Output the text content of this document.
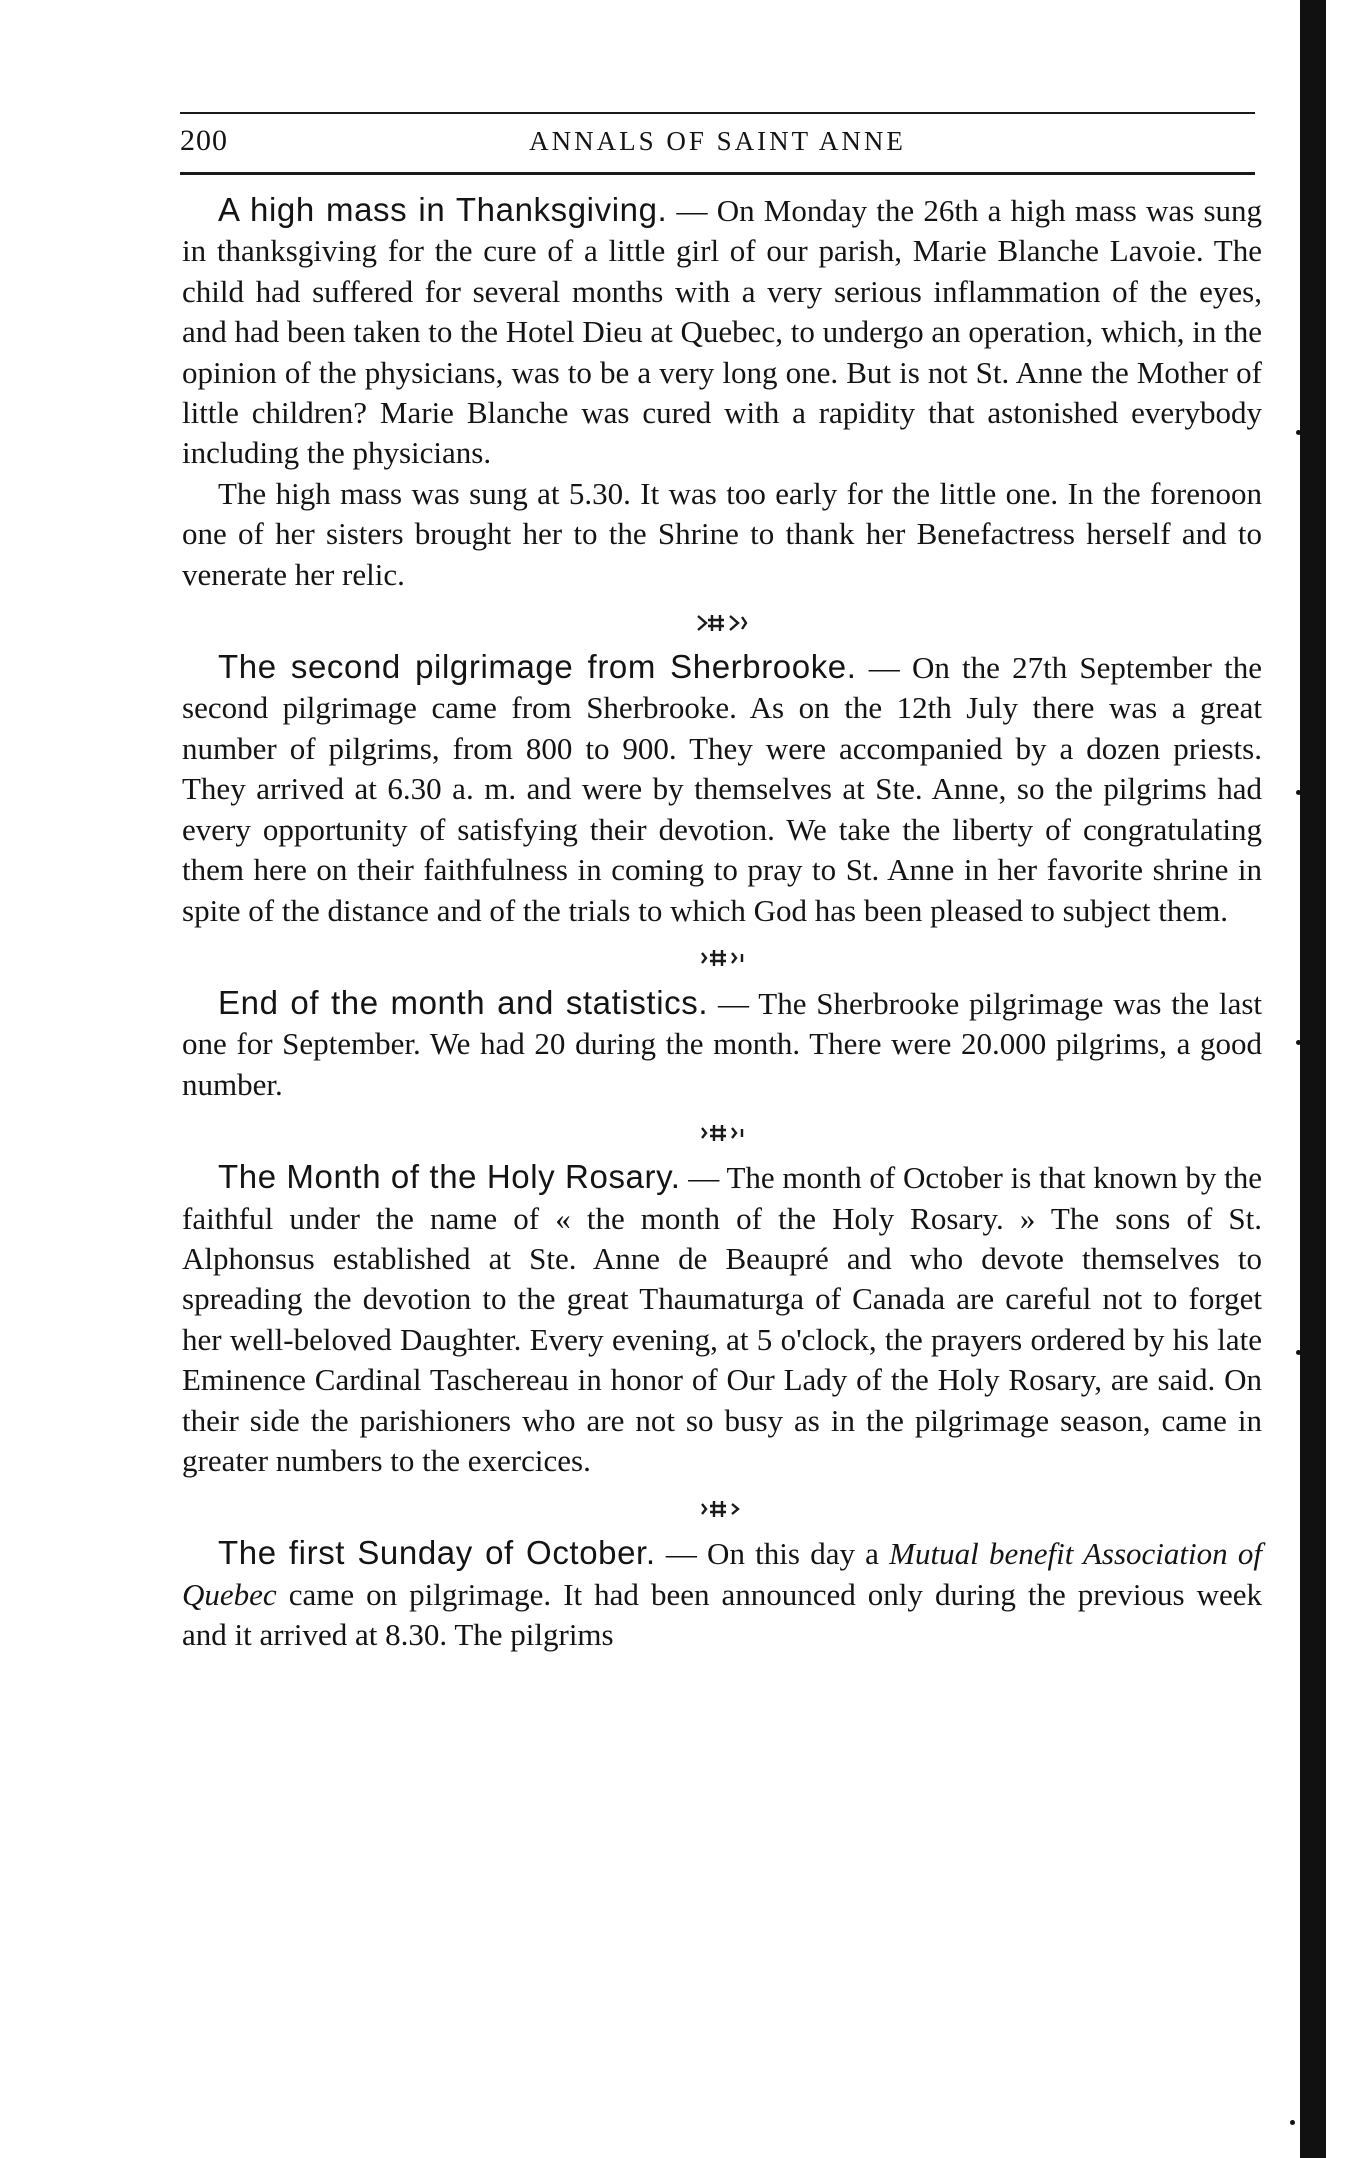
200	ANNALS OF SAINT ANNE

A high mass in Thanksgiving. — On Monday the 26th a high mass was sung in thanksgiving for the cure of a little girl of our parish, Marie Blanche Lavoie. The child had suffered for several months with a very serious inflammation of the eyes, and had been taken to the Hotel Dieu at Quebec, to undergo an operation, which, in the opinion of the physicians, was to be a very long one. But is not St. Anne the Mother of little children? Marie Blanche was cured with a rapidity that astonished everybody including the physicians.

The high mass was sung at 5.30. It was too early for the little one. In the forenoon one of her sisters brought her to the Shrine to thank her Benefactress herself and to venerate her relic.

The second pilgrimage from Sherbrooke. — On the 27th September the second pilgrimage came from Sherbrooke. As on the 12th July there was a great number of pilgrims, from 800 to 900. They were accompanied by a dozen priests. They arrived at 6.30 a. m. and were by themselves at Ste. Anne, so the pilgrims had every opportunity of satisfying their devotion. We take the liberty of congratulating them here on their faithfulness in coming to pray to St. Anne in her favorite shrine in spite of the distance and of the trials to which God has been pleased to subject them.

End of the month and statistics. — The Sherbrooke pilgrimage was the last one for September. We had 20 during the month. There were 20.000 pilgrims, a good number.

The Month of the Holy Rosary. — The month of October is that known by the faithful under the name of « the month of the Holy Rosary. » The sons of St. Alphonsus established at Ste. Anne de Beaupré and who devote themselves to spreading the devotion to the great Thaumaturga of Canada are careful not to forget her well-beloved Daughter. Every evening, at 5 o'clock, the prayers ordered by his late Eminence Cardinal Taschereau in honor of Our Lady of the Holy Rosary, are said. On their side the parishioners who are not so busy as in the pilgrimage season, came in greater numbers to the exercices.

The first Sunday of October. — On this day a Mutual benefit Association of Quebec came on pilgrimage. It had been announced only during the previous week and it arrived at 8.30. The pilgrims
